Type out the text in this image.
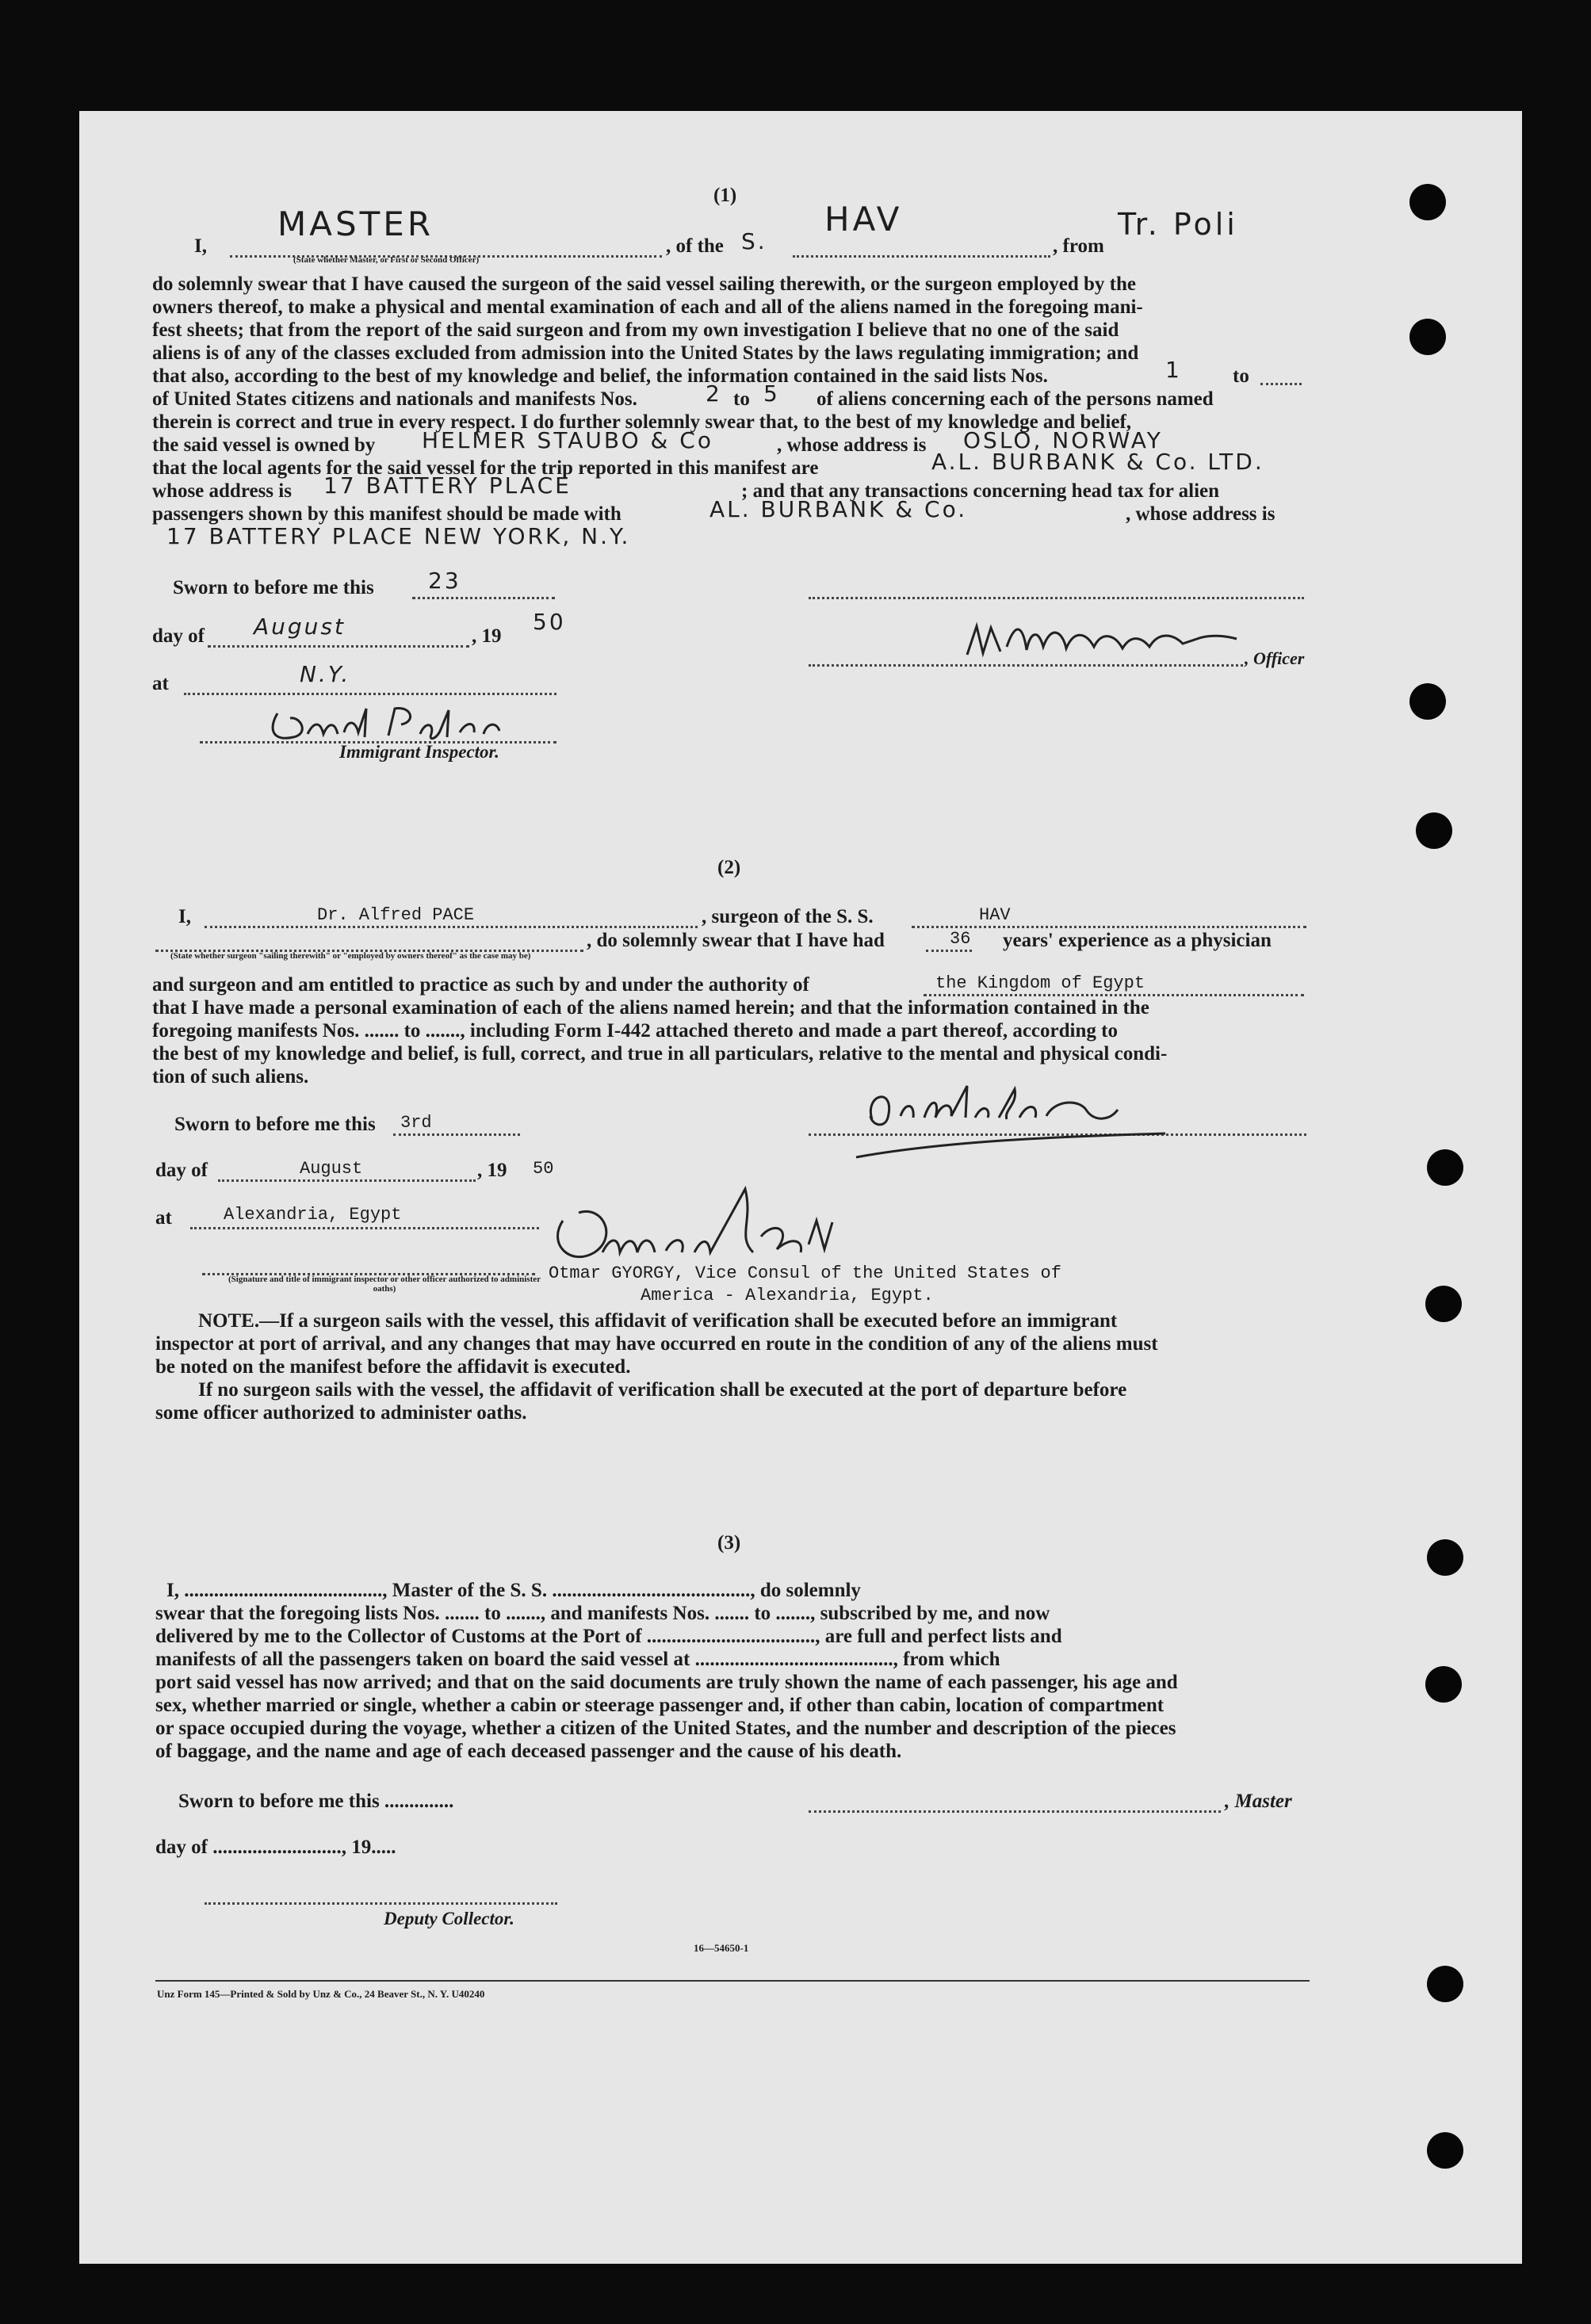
(1)
I,
MASTER
, of the S.
HAV
, from
Tr. Poli
(State whether Master, or First or Second Officer)
do solemnly swear that I have caused the surgeon of the said vessel sailing therewith, or the surgeon employed by the
owners thereof, to make a physical and mental examination of each and all of the aliens named in the foregoing mani-
fest sheets; that from the report of the said surgeon and from my own investigation I believe that no one of the said
aliens is of any of the classes excluded from admission into the United States by the laws regulating immigration; and
that also, according to the best of my knowledge and belief, the information contained in the said lists Nos.	1	to
of United States citizens and nationals and manifests Nos.	2 to 5 of aliens concerning each of the persons named
therein is correct and true in every respect. I do further solemnly swear that, to the best of my knowledge and belief,
the said vessel is owned by HELMER STAUBO & Co	, whose address is OSLO, NORWAY
that the local agents for the said vessel for the trip reported in this manifest are	A.L. BURBANK & Co. LTD.
whose address is 17 BATTERY PLACE	; and that any transactions concerning head tax for alien
passengers shown by this manifest should be made with	AL. BURBANK & Co.	, whose address is
17 BATTERY PLACE NEW YORK, N.Y.
Sworn to before me this 23
day of August	, 19
50
, Officer
at	N.Y.
Immigrant Inspector.
(2)
I,	Dr. Alfred PACE	, surgeon of the S. S.	HAV
, do solemnly swear that I have had	36 years' experience as a physician
(State whether surgeon "sailing therewith" or "employed by owners thereof" as the case may be)
and surgeon and am entitled to practice as such by and under the authority of	the Kingdom of Egypt
that I have made a personal examination of each of the aliens named herein; and that the information contained in the
foregoing manifests Nos. ....... to ......., including Form I-442 attached thereto and made a part thereof, according to
the best of my knowledge and belief, is full, correct, and true in all particulars, relative to the mental and physical condi-
tion of such aliens.
Sworn to before me this 3rd
day of	August	, 19 50
at	Alexandria, Egypt
(Signature and title of immigrant inspector or other officer authorized to administer oaths)
Otmar GYORGY, Vice Consul of the United States of
America - Alexandria, Egypt.
NOTE.—If a surgeon sails with the vessel, this affidavit of verification shall be executed before an immigrant
inspector at port of arrival, and any changes that may have occurred en route in the condition of any of the aliens must
be noted on the manifest before the affidavit is executed.
If no surgeon sails with the vessel, the affidavit of verification shall be executed at the port of departure before
some officer authorized to administer oaths.
(3)
I, ........................................, Master of the S. S. ........................................, do solemnly
swear that the foregoing lists Nos. ....... to ......., and manifests Nos. ....... to ......., subscribed by me, and now
delivered by me to the Collector of Customs at the Port of .................................., are full and perfect lists and
manifests of all the passengers taken on board the said vessel at ........................................, from which
port said vessel has now arrived; and that on the said documents are truly shown the name of each passenger, his age and
sex, whether married or single, whether a cabin or steerage passenger and, if other than cabin, location of compartment
or space occupied during the voyage, whether a citizen of the United States, and the number and description of the pieces
of baggage, and the name and age of each deceased passenger and the cause of his death.
Sworn to before me this ..............	, Master
day of .........................., 19.....
Deputy Collector.
16—54650-1
Unz Form 145—Printed & Sold by Unz & Co., 24 Beaver St., N. Y. U40240
